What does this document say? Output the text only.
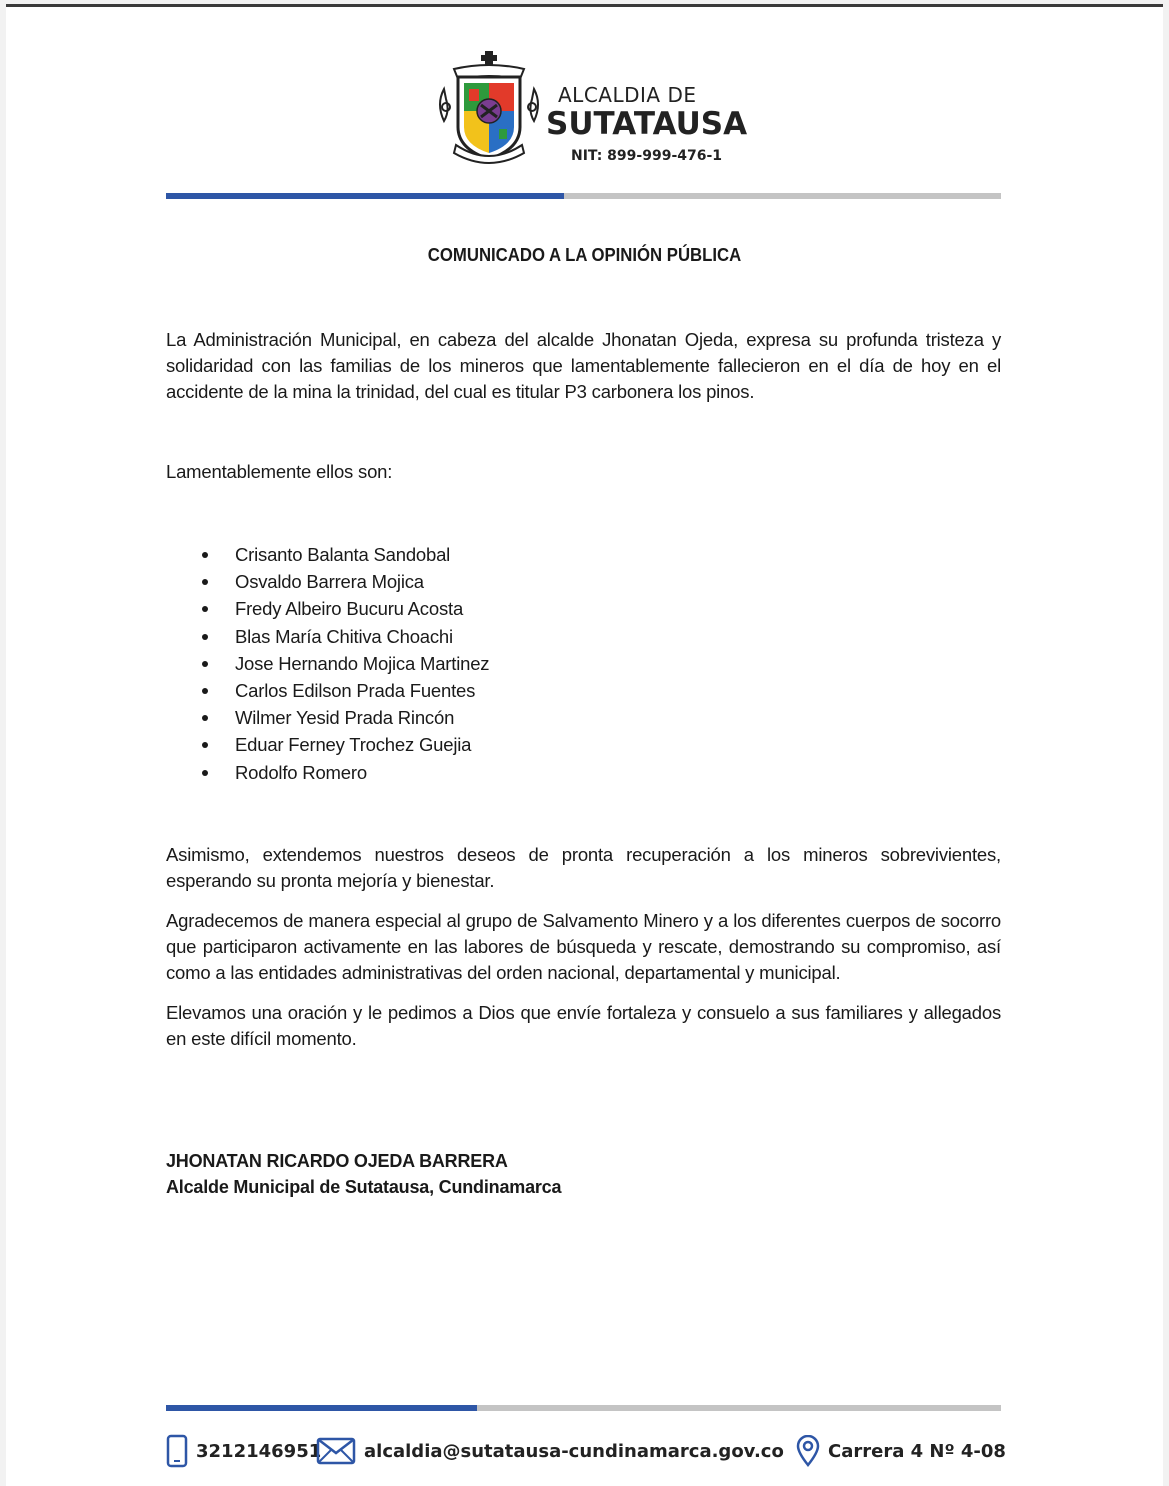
ALCALDIA DE
SUTATAUSA
NIT: 899-999-476-1
COMUNICADO A LA OPINIÓN PÚBLICA

La Administración Municipal, en cabeza del alcalde Jhonatan Ojeda, expresa su profunda tristeza y solidaridad con las familias de los mineros que lamentablemente fallecieron en el día de hoy en el accidente de la mina la trinidad, del cual es titular P3 carbonera los pinos.

Lamentablemente ellos son:

Crisanto Balanta Sandobal
Osvaldo Barrera Mojica
Fredy Albeiro Bucuru Acosta
Blas María Chitiva Choachi
Jose Hernando Mojica Martinez
Carlos Edilson Prada Fuentes
Wilmer Yesid Prada Rincón
Eduar Ferney Trochez Guejia
Rodolfo Romero

Asimismo, extendemos nuestros deseos de pronta recuperación a los mineros sobrevivientes, esperando su pronta mejoría y bienestar.

Agradecemos de manera especial al grupo de Salvamento Minero y a los diferentes cuerpos de socorro que participaron activamente en las labores de búsqueda y rescate, demostrando su compromiso, así como a las entidades administrativas del orden nacional, departamental y municipal.

Elevamos una oración y le pedimos a Dios que envíe fortaleza y consuelo a sus familiares y allegados en este difícil momento.

JHONATAN RICARDO OJEDA BARRERA
Alcalde Municipal de Sutatausa, Cundinamarca
3212146951 alcaldia@sutatausa-cundinamarca.gov.co Carrera 4 Nº 4-08
